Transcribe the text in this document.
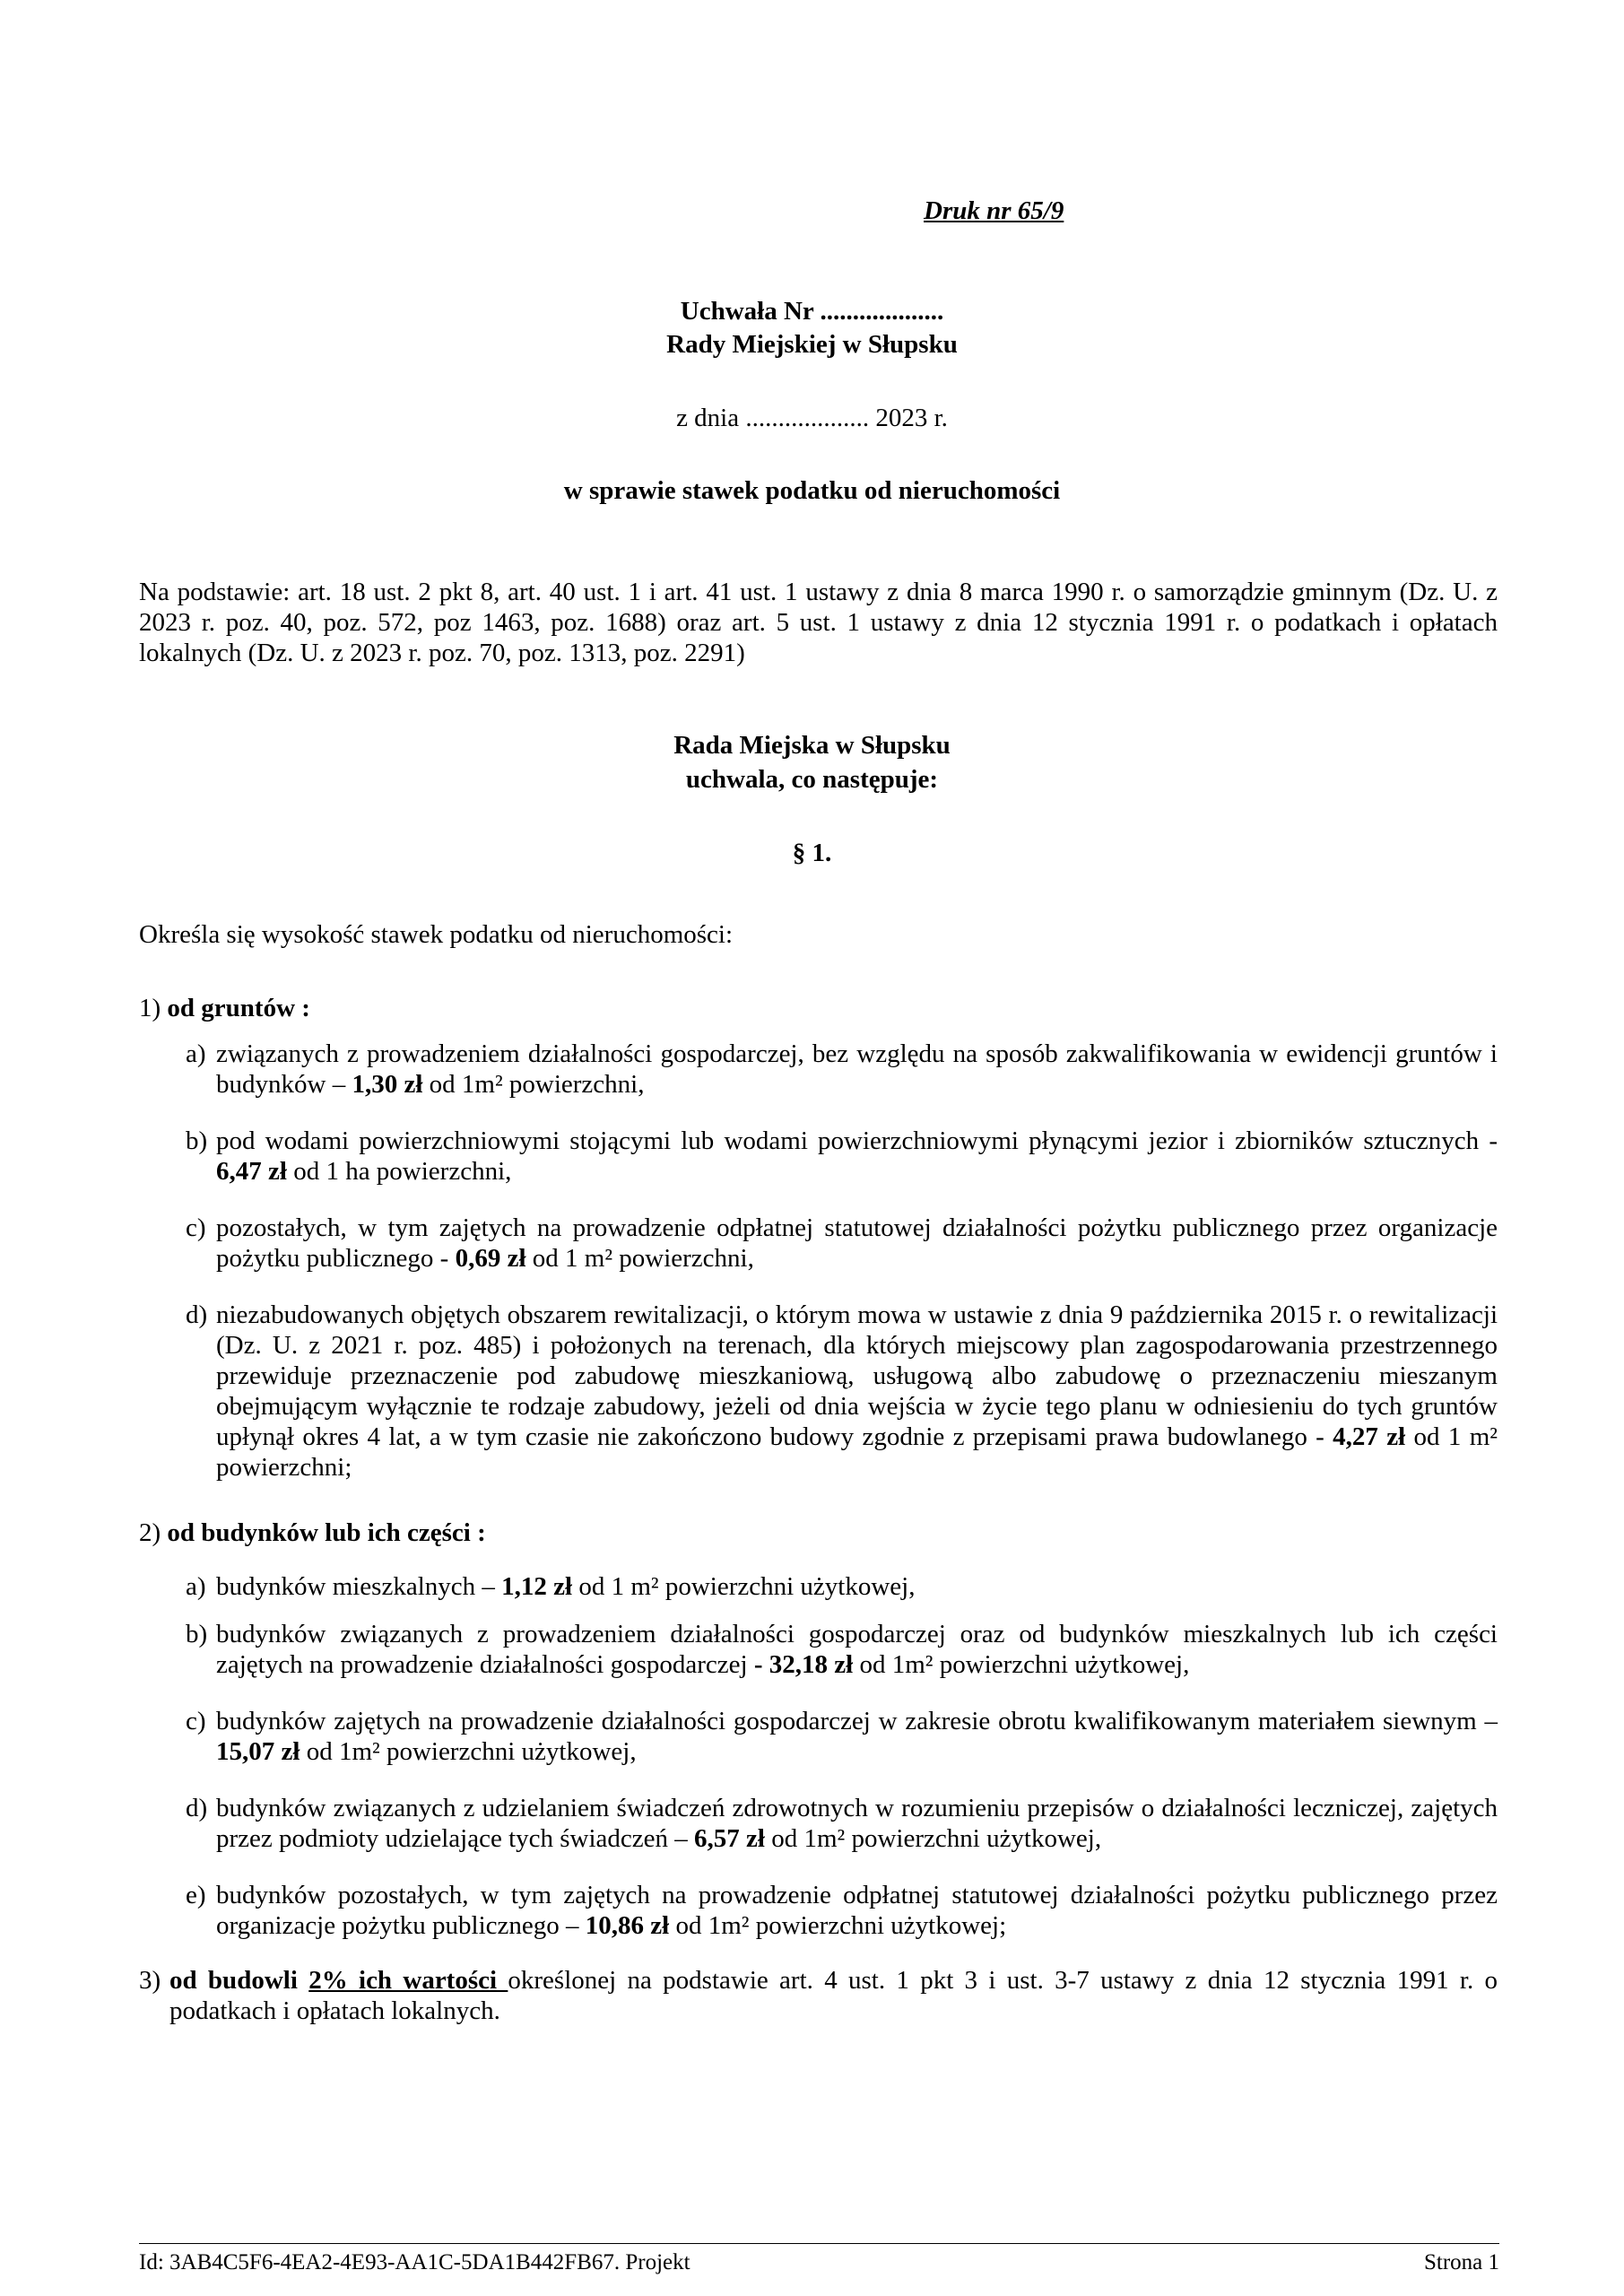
Druk nr 65/9
Uchwała Nr ...................
Rady Miejskiej w Słupsku
z dnia ................... 2023 r.
w sprawie stawek podatku od nieruchomości
Na podstawie: art. 18 ust. 2 pkt 8, art. 40 ust. 1 i art. 41 ust. 1 ustawy z dnia 8 marca 1990 r. o samorządzie gminnym (Dz. U. z 2023 r. poz. 40, poz. 572, poz 1463, poz. 1688) oraz art. 5 ust. 1 ustawy z dnia 12 stycznia 1991 r. o podatkach i opłatach lokalnych (Dz. U. z 2023 r. poz. 70, poz. 1313, poz. 2291)
Rada Miejska w Słupsku
uchwala, co następuje:
§ 1.
Określa się wysokość stawek podatku od nieruchomości:
1) od gruntów :
a) związanych z prowadzeniem działalności gospodarczej, bez względu na sposób zakwalifikowania w ewidencji gruntów i budynków – 1,30 zł od 1m² powierzchni,
b) pod wodami powierzchniowymi stojącymi lub wodami powierzchniowymi płynącymi jezior i zbiorników sztucznych - 6,47 zł od 1 ha powierzchni,
c) pozostałych, w tym zajętych na prowadzenie odpłatnej statutowej działalności pożytku publicznego przez organizacje pożytku publicznego - 0,69 zł od 1 m² powierzchni,
d) niezabudowanych objętych obszarem rewitalizacji, o którym mowa w ustawie z dnia 9 października 2015 r. o rewitalizacji (Dz. U. z 2021 r. poz. 485) i położonych na terenach, dla których miejscowy plan zagospodarowania przestrzennego przewiduje przeznaczenie pod zabudowę mieszkaniową, usługową albo zabudowę o przeznaczeniu mieszanym obejmującym wyłącznie te rodzaje zabudowy, jeżeli od dnia wejścia w życie tego planu w odniesieniu do tych gruntów upłynął okres 4 lat, a w tym czasie nie zakończono budowy zgodnie z przepisami prawa budowlanego - 4,27 zł od 1 m² powierzchni;
2) od budynków lub ich części :
a) budynków mieszkalnych – 1,12 zł od 1 m² powierzchni użytkowej,
b) budynków związanych z prowadzeniem działalności gospodarczej oraz od budynków mieszkalnych lub ich części zajętych na prowadzenie działalności gospodarczej - 32,18 zł od 1m² powierzchni użytkowej,
c) budynków zajętych na prowadzenie działalności gospodarczej w zakresie obrotu kwalifikowanym materiałem siewnym – 15,07 zł od 1m² powierzchni użytkowej,
d) budynków związanych z udzielaniem świadczeń zdrowotnych w rozumieniu przepisów o działalności leczniczej, zajętych przez podmioty udzielające tych świadczeń – 6,57 zł od 1m² powierzchni użytkowej,
e) budynków pozostałych, w tym zajętych na prowadzenie odpłatnej statutowej działalności pożytku publicznego przez organizacje pożytku publicznego – 10,86 zł od 1m² powierzchni użytkowej;
3) od budowli 2% ich wartości określonej na podstawie art. 4 ust. 1 pkt 3 i ust. 3-7 ustawy z dnia 12 stycznia 1991 r. o podatkach i opłatach lokalnych.
Id: 3AB4C5F6-4EA2-4E93-AA1C-5DA1B442FB67. Projekt	Strona 1
